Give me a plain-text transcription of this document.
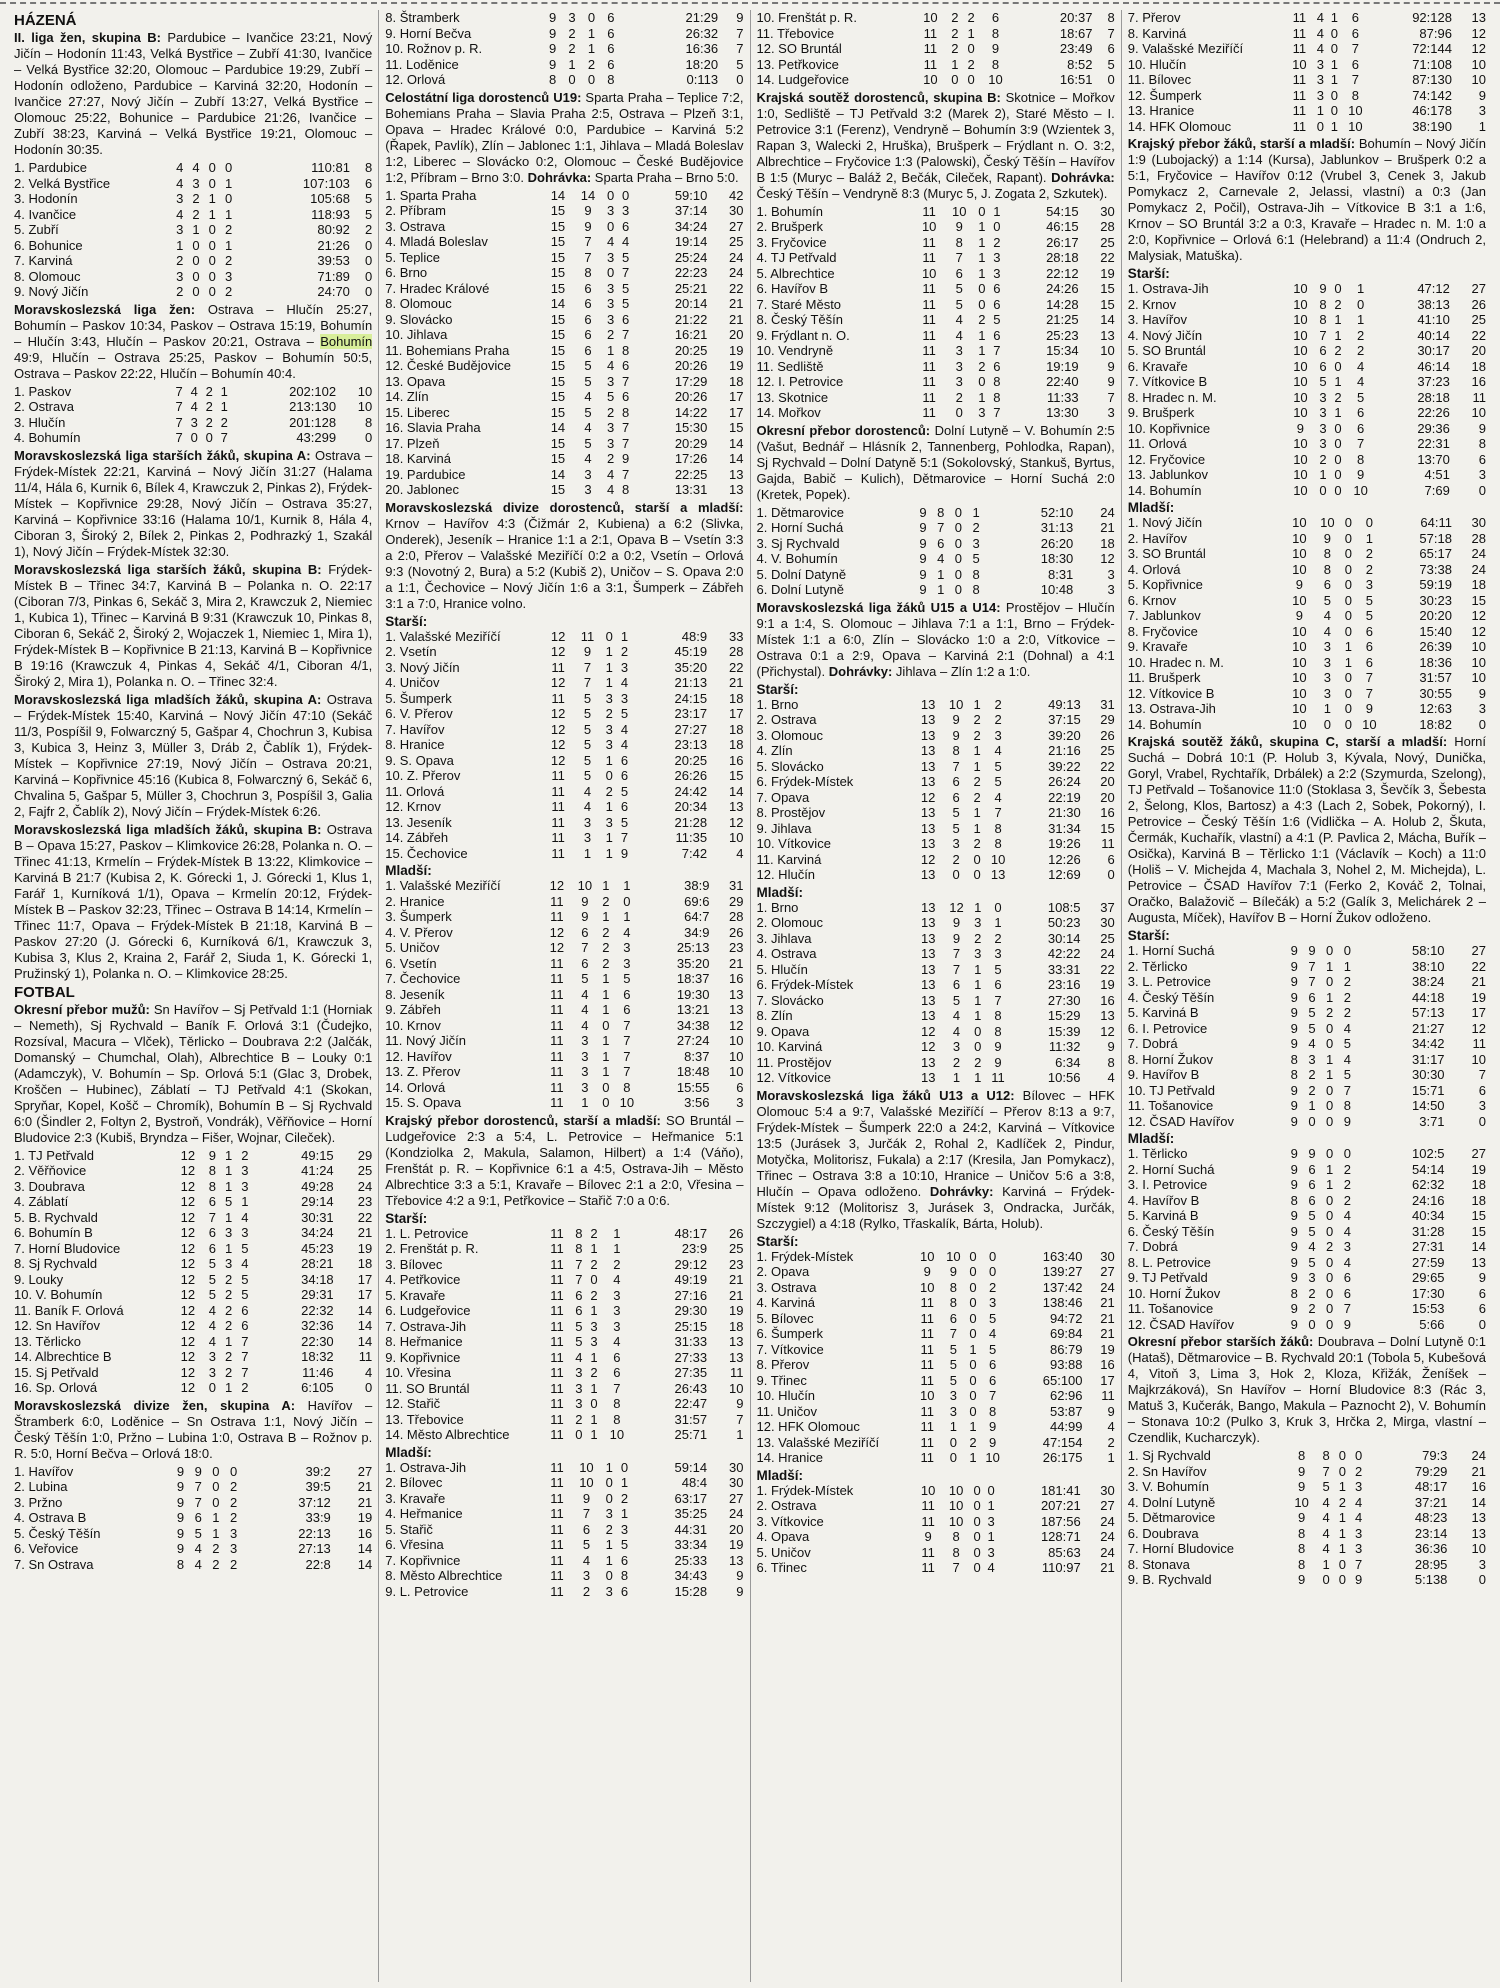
HÁZENÁ
II. liga žen, skupina B: Pardubice – Ivančice 23:21, Nový Jičín – Hodonín 11:43, Velká Bystřice – Zubří 41:30, Ivančice – Velká Bystřice 32:20, Olomouc – Pardubice 19:29, Zubří – Hodonín odloženo, Pardubice – Karviná 32:20, Hodonín – Ivančice 27:27, Nový Jičín – Zubří 13:27, Velká Bystřice – Olomouc 25:22, Bohunice – Pardubice 21:26, Ivančice – Zubří 38:23, Karviná – Velká Bystřice 19:21, Olomouc – Hodonín 30:35.
1. Pardubice	4	4	0	0	110:81	8
2. Velká Bystřice	4	3	0	1	107:103	6
3. Hodonín	3	2	1	0	105:68	5
4. Ivančice	4	2	1	1	118:93	5
5. Zubří	3	1	0	2	80:92	2
6. Bohunice	1	0	0	1	21:26	0
7. Karviná	2	0	0	2	39:53	0
8. Olomouc	3	0	0	3	71:89	0
9. Nový Jičín	2	0	0	2	24:70	0
Moravskoslezská liga žen: Ostrava – Hlučín 25:27, Bohumín – Paskov 10:34, Paskov – Ostrava 15:19, Bohumín – Hlučín 3:43, Hlučín – Paskov 20:21, Ostrava – Bohumín 49:9, Hlučín – Ostrava 25:25, Paskov – Bohumín 50:5, Ostrava – Paskov 22:22, Hlučín – Bohumín 40:4.
1. Paskov	7	4	2	1	202:102	10
2. Ostrava	7	4	2	1	213:130	10
3. Hlučín	7	3	2	2	201:128	8
4. Bohumín	7	0	0	7	43:299	0
Moravskoslezská liga starších žáků, skupina A: Ostrava – Frýdek-Místek 22:21, Karviná – Nový Jičín 31:27 (Halama 11/4, Hála 6, Kurnik 6, Bílek 4, Krawczuk 2, Pinkas 2), Frýdek-Místek – Kopřivnice 29:28, Nový Jičín – Ostrava 35:27, Karviná – Kopřivnice 33:16 (Halama 10/1, Kurnik 8, Hála 4, Ciboran 3, Široký 2, Bílek 2, Pinkas 2, Podhrazký 1, Szakál 1), Nový Jičín – Frýdek-Místek 32:30.
Moravskoslezská liga starších žáků, skupina B: Frýdek-Místek B – Třinec 34:7, Karviná B – Polanka n. O. 22:17 (Ciboran 7/3, Pinkas 6, Sekáč 3, Mira 2, Krawczuk 2, Niemiec 1, Kubica 1), Třinec – Karviná B 9:31 (Krawczuk 10, Pinkas 8, Ciboran 6, Sekáč 2, Široký 2, Wojaczek 1, Niemiec 1, Mira 1), Frýdek-Místek B – Kopřivnice B 21:13, Karviná B – Kopřivnice B 19:16 (Krawczuk 4, Pinkas 4, Sekáč 4/1, Ciboran 4/1, Široký 2, Mira 1), Polanka n. O. – Třinec 32:4.
Moravskoslezská liga mladších žáků, skupina A: Ostrava – Frýdek-Místek 15:40, Karviná – Nový Jičín 47:10 (Sekáč 11/3, Pospíšil 9, Folwarczný 5, Gašpar 4, Chochrun 3, Kubisa 3, Kubica 3, Heinz 3, Müller 3, Dráb 2, Čablík 1), Frýdek-Místek – Kopřivnice 27:19, Nový Jičín – Ostrava 20:21, Karviná – Kopřivnice 45:16 (Kubica 8, Folwarczný 6, Sekáč 6, Chvalina 5, Gašpar 5, Müller 3, Chochrun 3, Pospíšil 3, Galia 2, Fajfr 2, Čablík 2), Nový Jičín – Frýdek-Místek 6:26.
Moravskoslezská liga mladších žáků, skupina B: Ostrava B – Opava 15:27, Paskov – Klimkovice 26:28, Polanka n. O. – Třinec 41:13, Krmelín – Frýdek-Místek B 13:22, Klimkovice – Karviná B 21:7 (Kubisa 2, K. Górecki 1, J. Górecki 1, Klus 1, Farář 1, Kurníková 1/1), Opava – Krmelín 20:12, Frýdek-Místek B – Paskov 32:23, Třinec – Ostrava B 14:14, Krmelín – Třinec 11:7, Opava – Frýdek-Místek B 21:18, Karviná B – Paskov 27:20 (J. Górecki 6, Kurníková 6/1, Krawczuk 3, Kubisa 3, Klus 2, Kraina 2, Farář 2, Siuda 1, K. Górecki 1, Pružinský 1), Polanka n. O. – Klimkovice 28:25.
FOTBAL
Okresní přebor mužů: Sn Havířov – Sj Petřvald 1:1 (Horniak – Nemeth), Sj Rychvald – Baník F. Orlová 3:1 (Čudejko, Rozsíval, Macura – Vlček), Těrlicko – Doubrava 2:2 (Jalčák, Domanský – Chumchal, Olah), Albrechtice B – Louky 0:1 (Adamczyk), V. Bohumín – Sp. Orlová 5:1 (Glac 3, Drobek, Kroščen – Hubinec), Záblatí – TJ Petřvald 4:1 (Skokan, Spryňar, Kopel, Košč – Chromík), Bohumín B – Sj Rychvald 6:0 (Šindler 2, Foltyn 2, Bystroň, Vondrák), Věřňovice – Horní Bludovice 2:3 (Kubiš, Bryndza – Fišer, Wojnar, Cileček).
1. TJ Petřvald	12	9	1	2	49:15	29
2. Věřňovice	12	8	1	3	41:24	25
3. Doubrava	12	8	1	3	49:28	24
4. Záblatí	12	6	5	1	29:14	23
5. B. Rychvald	12	7	1	4	30:31	22
6. Bohumín B	12	6	3	3	34:24	21
7. Horní Bludovice	12	6	1	5	45:23	19
8. Sj Rychvald	12	5	3	4	28:21	18
9. Louky	12	5	2	5	34:18	17
10. V. Bohumín	12	5	2	5	29:31	17
11. Baník F. Orlová	12	4	2	6	22:32	14
12. Sn Havířov	12	4	2	6	32:36	14
13. Těrlicko	12	4	1	7	22:30	14
14. Albrechtice B	12	3	2	7	18:32	11
15. Sj Petřvald	12	3	2	7	11:46	4
16. Sp. Orlová	12	0	1	2	6:105	0
Moravskoslezská divize žen, skupina A: Havířov – Štramberk 6:0, Loděnice – Sn Ostrava 1:1, Nový Jičín – Český Těšín 1:0, Pržno – Lubina 1:0, Ostrava B – Rožnov p. R. 5:0, Horní Bečva – Orlová 18:0.
1. Havířov	9	9	0	0	39:2	27
2. Lubina	9	7	0	2	39:5	21
3. Pržno	9	7	0	2	37:12	21
4. Ostrava B	9	6	1	2	33:9	19
5. Český Těšín	9	5	1	3	22:13	16
6. Veřovice	9	4	2	3	27:13	14
7. Sn Ostrava	8	4	2	2	22:8	14
8. Štramberk	9	3	0	6	21:29	9
9. Horní Bečva	9	2	1	6	26:32	7
10. Rožnov p. R.	9	2	1	6	16:36	7
11. Loděnice	9	1	2	6	18:20	5
12. Orlová	8	0	0	8	0:113	0
Celostátní liga dorostenců U19: Sparta Praha – Teplice 7:2, Bohemians Praha – Slavia Praha 2:5, Ostrava – Plzeň 3:1, Opava – Hradec Králové 0:0, Pardubice – Karviná 5:2 (Řapek, Pavlík), Zlín – Jablonec 1:1, Jihlava – Mladá Boleslav 1:2, Liberec – Slovácko 0:2, Olomouc – České Budějovice 1:2, Příbram – Brno 3:0. Dohrávka: Sparta Praha – Brno 5:0.
1. Sparta Praha	14	14	0	0	59:10	42
2. Příbram	15	9	3	3	37:14	30
3. Ostrava	15	9	0	6	34:24	27
4. Mladá Boleslav	15	7	4	4	19:14	25
5. Teplice	15	7	3	5	25:24	24
6. Brno	15	8	0	7	22:23	24
7. Hradec Králové	15	6	3	5	25:21	22
8. Olomouc	14	6	3	5	20:14	21
9. Slovácko	15	6	3	6	21:22	21
10. Jihlava	15	6	2	7	16:21	20
11. Bohemians Praha	15	6	1	8	20:25	19
12. České Budějovice	15	5	4	6	20:26	19
13. Opava	15	5	3	7	17:29	18
14. Zlín	15	4	5	6	20:26	17
15. Liberec	15	5	2	8	14:22	17
16. Slavia Praha	14	4	3	7	15:30	15
17. Plzeň	15	5	3	7	20:29	14
18. Karviná	15	4	2	9	17:26	14
19. Pardubice	14	3	4	7	22:25	13
20. Jablonec	15	3	4	8	13:31	13
Moravskoslezská divize dorostenců, starší a mladší: Krnov – Havířov 4:3 (Čižmár 2, Kubiena) a 6:2 (Slivka, Onderek), Jeseník – Hranice 1:1 a 2:1, Opava B – Vsetín 3:3 a 2:0, Přerov – Valašské Meziříčí 0:2 a 0:2, Vsetín – Orlová 9:3 (Novotný 2, Bura) a 5:2 (Kubiš 2), Uničov – S. Opava 2:0 a 1:1, Čechovice – Nový Jičín 1:6 a 3:1, Šumperk – Zábřeh 3:1 a 7:0, Hranice volno.
Starší:
1. Valašské Meziříčí	12	11	0	1	48:9	33
2. Vsetín	12	9	1	2	45:19	28
3. Nový Jičín	11	7	1	3	35:20	22
4. Uničov	12	7	1	4	21:13	21
5. Šumperk	11	5	3	3	24:15	18
6. V. Přerov	12	5	2	5	23:17	17
7. Havířov	12	5	3	4	27:27	18
8. Hranice	12	5	3	4	23:13	18
9. S. Opava	12	5	1	6	20:25	16
10. Z. Přerov	11	5	0	6	26:26	15
11. Orlová	11	4	2	5	24:42	14
12. Krnov	11	4	1	6	20:34	13
13. Jeseník	11	3	3	5	21:28	12
14. Zábřeh	11	3	1	7	11:35	10
15. Čechovice	11	1	1	9	7:42	4
Mladší:
1. Valašské Meziříčí	12	10	1	1	38:9	31
2. Hranice	11	9	2	0	69:6	29
3. Šumperk	11	9	1	1	64:7	28
4. V. Přerov	12	6	2	4	34:9	26
5. Uničov	12	7	2	3	25:13	23
6. Vsetín	11	6	2	3	35:20	21
7. Čechovice	11	5	1	5	18:37	16
8. Jeseník	11	4	1	6	19:30	13
9. Zábřeh	11	4	1	6	13:21	13
10. Krnov	11	4	0	7	34:38	12
11. Nový Jičín	11	3	1	7	27:24	10
12. Havířov	11	3	1	7	8:37	10
13. Z. Přerov	11	3	1	7	18:48	10
14. Orlová	11	3	0	8	15:55	6
15. S. Opava	11	1	0	10	3:56	3
Krajský přebor dorostenců, starší a mladší: SO Bruntál – Ludgeřovice 2:3 a 5:4, L. Petrovice – Heřmanice 5:1 (Kondziolka 2, Makula, Salamon, Hilbert) a 1:4 (Váňo), Frenštát p. R. – Kopřivnice 6:1 a 4:5, Ostrava-Jih – Město Albrechtice 3:3 a 5:1, Kravaře – Bílovec 2:1 a 2:0, Vřesina – Třebovice 4:2 a 9:1, Petřkovice – Stařič 7:0 a 0:6.
Starší:
1. L. Petrovice	11	8	2	1	48:17	26
2. Frenštát p. R.	11	8	1	1	23:9	25
3. Bílovec	11	7	2	2	29:12	23
4. Petřkovice	11	7	0	4	49:19	21
5. Kravaře	11	6	2	3	27:16	21
6. Ludgeřovice	11	6	1	3	29:30	19
7. Ostrava-Jih	11	5	3	3	25:15	18
8. Heřmanice	11	5	3	4	31:33	13
9. Kopřivnice	11	4	1	6	27:33	13
10. Vřesina	11	3	2	6	27:35	11
11. SO Bruntál	11	3	1	7	26:43	10
12. Stařič	11	3	0	8	22:47	9
13. Třebovice	11	2	1	8	31:57	7
14. Město Albrechtice	11	0	1	10	25:71	1
Mladší:
1. Ostrava-Jih	11	10	1	0	59:14	30
2. Bílovec	11	10	0	1	48:4	30
3. Kravaře	11	9	0	2	63:17	27
4. Heřmanice	11	7	3	1	35:25	24
5. Stařič	11	6	2	3	44:31	20
6. Vřesina	11	5	1	5	33:34	19
7. Kopřivnice	11	4	1	6	25:33	13
8. Město Albrechtice	11	3	0	8	34:43	9
9. L. Petrovice	11	2	3	6	15:28	9
10. Frenštát p. R.	10	2	2	6	20:37	8
11. Třebovice	11	2	1	8	18:67	7
12. SO Bruntál	11	2	0	9	23:49	6
13. Petřkovice	11	1	2	8	8:52	5
14. Ludgeřovice	10	0	0	10	16:51	0
Krajská soutěž dorostenců, skupina B: Skotnice – Mořkov 1:0, Sedliště – TJ Petřvald 3:2 (Marek 2), Staré Město – I. Petrovice 3:1 (Ferenz), Vendryně – Bohumín 3:9 (Wzientek 3, Rapan 3, Walecki 2, Hruška), Brušperk – Frýdlant n. O. 3:2, Albrechtice – Fryčovice 1:3 (Palowski), Český Těšín – Havířov B 1:5 (Muryc – Baláž 2, Bečák, Cileček, Rapant). Dohrávka: Český Těšín – Vendryně 8:3 (Muryc 5, J. Zogata 2, Szkutek).
1. Bohumín	11	10	0	1	54:15	30
2. Brušperk	10	9	1	0	46:15	28
3. Fryčovice	11	8	1	2	26:17	25
4. TJ Petřvald	11	7	1	3	28:18	22
5. Albrechtice	10	6	1	3	22:12	19
6. Havířov B	11	5	0	6	24:26	15
7. Staré Město	11	5	0	6	14:28	15
8. Český Těšín	11	4	2	5	21:25	14
9. Frýdlant n. O.	11	4	1	6	25:23	13
10. Vendryně	11	3	1	7	15:34	10
11. Sedliště	11	3	2	6	19:19	9
12. I. Petrovice	11	3	0	8	22:40	9
13. Skotnice	11	2	1	8	11:33	7
14. Mořkov	11	0	3	7	13:30	3
Okresní přebor dorostenců: Dolní Lutyně – V. Bohumín 2:5 (Vašut, Bednář – Hlásník 2, Tannenberg, Pohlodka, Rapan), Sj Rychvald – Dolní Datyně 5:1 (Sokolovský, Stankuš, Byrtus, Gajda, Babič – Kulich), Dětmarovice – Horní Suchá 2:0 (Kretek, Popek).
1. Dětmarovice	9	8	0	1	52:10	24
2. Horní Suchá	9	7	0	2	31:13	21
3. Sj Rychvald	9	6	0	3	26:20	18
4. V. Bohumín	9	4	0	5	18:30	12
5. Dolní Datyně	9	1	0	8	8:31	3
6. Dolní Lutyně	9	1	0	8	10:48	3
Moravskoslezská liga žáků U15 a U14: Prostějov – Hlučín 9:1 a 1:4, S. Olomouc – Jihlava 7:1 a 1:1, Brno – Frýdek-Místek 1:1 a 6:0, Zlín – Slovácko 1:0 a 2:0, Vítkovice – Ostrava 0:1 a 2:9, Opava – Karviná 2:1 (Dohnal) a 4:1 (Přichystal). Dohrávky: Jihlava – Zlín 1:2 a 1:0.
Starší:
1. Brno	13	10	1	2	49:13	31
2. Ostrava	13	9	2	2	37:15	29
3. Olomouc	13	9	2	3	39:20	26
4. Zlín	13	8	1	4	21:16	25
5. Slovácko	13	7	1	5	39:22	22
6. Frýdek-Místek	13	6	2	5	26:24	20
7. Opava	12	6	2	4	22:19	20
8. Prostějov	13	5	1	7	21:30	16
9. Jihlava	13	5	1	8	31:34	15
10. Vítkovice	13	3	2	8	19:26	11
11. Karviná	12	2	0	10	12:26	6
12. Hlučín	13	0	0	13	12:69	0
Mladší:
1. Brno	13	12	1	0	108:5	37
2. Olomouc	13	9	3	1	50:23	30
3. Jihlava	13	9	2	2	30:14	25
4. Ostrava	13	7	3	3	42:22	24
5. Hlučín	13	7	1	5	33:31	22
6. Frýdek-Místek	13	6	1	6	23:16	19
7. Slovácko	13	5	1	7	27:30	16
8. Zlín	13	4	1	8	15:29	13
9. Opava	12	4	0	8	15:39	12
10. Karviná	12	3	0	9	11:32	9
11. Prostějov	13	2	2	9	6:34	8
12. Vítkovice	13	1	1	11	10:56	4
Moravskoslezská liga žáků U13 a U12: Bílovec – HFK Olomouc 5:4 a 9:7, Valašské Meziříčí – Přerov 8:13 a 9:7, Frýdek-Místek – Šumperk 22:0 a 24:2, Karviná – Vítkovice 13:5 (Jurásek 3, Jurčák 2, Rohal 2, Kadlíček 2, Pindur, Motyčka, Molitorisz, Fukala) a 2:17 (Kresila, Jan Pomykacz), Třinec – Ostrava 3:8 a 10:10, Hranice – Uničov 5:6 a 3:8, Hlučín – Opava odloženo. Dohrávky: Karviná – Frýdek-Místek 9:12 (Molitorisz 3, Jurásek 3, Ondracka, Jurčák, Szczygiel) a 4:18 (Rylko, Třaskalík, Bárta, Holub).
Starší:
1. Frýdek-Místek	10	10	0	0	163:40	30
2. Opava	9	9	0	0	139:27	27
3. Ostrava	10	8	0	2	137:42	24
4. Karviná	11	8	0	3	138:46	21
5. Bílovec	11	6	0	5	94:72	21
6. Šumperk	11	7	0	4	69:84	21
7. Vítkovice	11	5	1	5	86:79	19
8. Přerov	11	5	0	6	93:88	16
9. Třinec	11	5	0	6	65:100	17
10. Hlučín	10	3	0	7	62:96	11
11. Uničov	11	3	0	8	53:87	9
12. HFK Olomouc	11	1	1	9	44:99	4
13. Valašské Meziříčí	11	0	2	9	47:154	2
14. Hranice	11	0	1	10	26:175	1
Mladší:
1. Frýdek-Místek	10	10	0	0	181:41	30
2. Ostrava	11	10	0	1	207:21	27
3. Vítkovice	11	10	0	3	187:56	24
4. Opava	9	8	0	1	128:71	24
5. Uničov	11	8	0	3	85:63	24
6. Třinec	11	7	0	4	110:97	21
7. Přerov	11	4	1	6	92:128	13
8. Karviná	11	4	0	6	87:96	12
9. Valašské Meziříčí	11	4	0	7	72:144	12
10. Hlučín	10	3	1	6	71:108	10
11. Bílovec	11	3	1	7	87:130	10
12. Šumperk	11	3	0	8	74:142	9
13. Hranice	11	1	0	10	46:178	3
14. HFK Olomouc	11	0	1	10	38:190	1
Krajský přebor žáků, starší a mladší: Bohumín – Nový Jičín 1:9 (Lubojacký) a 1:14 (Kursa), Jablunkov – Brušperk 0:2 a 5:1, Fryčovice – Havířov 0:12 (Vrubel 3, Cenek 3, Jakub Pomykacz 2, Carnevale 2, Jelassi, vlastní) a 0:3 (Jan Pomykacz 2, Počil), Ostrava-Jih – Vítkovice B 3:1 a 1:6, Krnov – SO Bruntál 3:2 a 0:3, Kravaře – Hradec n. M. 1:0 a 2:0, Kopřivnice – Orlová 6:1 (Helebrand) a 11:4 (Ondruch 2, Malysiak, Matuška).
Starší:
1. Ostrava-Jih	10	9	0	1	47:12	27
2. Krnov	10	8	2	0	38:13	26
3. Havířov	10	8	1	1	41:10	25
4. Nový Jičín	10	7	1	2	40:14	22
5. SO Bruntál	10	6	2	2	30:17	20
6. Kravaře	10	6	0	4	46:14	18
7. Vítkovice B	10	5	1	4	37:23	16
8. Hradec n. M.	10	3	2	5	28:18	11
9. Brušperk	10	3	1	6	22:26	10
10. Kopřivnice	9	3	0	6	29:36	9
11. Orlová	10	3	0	7	22:31	8
12. Fryčovice	10	2	0	8	13:70	6
13. Jablunkov	10	1	0	9	4:51	3
14. Bohumín	10	0	0	10	7:69	0
Mladší:
1. Nový Jičín	10	10	0	0	64:11	30
2. Havířov	10	9	0	1	57:18	28
3. SO Bruntál	10	8	0	2	65:17	24
4. Orlová	10	8	0	2	73:38	24
5. Kopřivnice	9	6	0	3	59:19	18
6. Krnov	10	5	0	5	30:23	15
7. Jablunkov	9	4	0	5	20:20	12
8. Fryčovice	10	4	0	6	15:40	12
9. Kravaře	10	3	1	6	26:39	10
10. Hradec n. M.	10	3	1	6	18:36	10
11. Brušperk	10	3	0	7	31:57	10
12. Vítkovice B	10	3	0	7	30:55	9
13. Ostrava-Jih	10	1	0	9	12:63	3
14. Bohumín	10	0	0	10	18:82	0
Krajská soutěž žáků, skupina C, starší a mladší: Horní Suchá – Dobrá 10:1 (P. Holub 3, Kývala, Nový, Dunička, Goryl, Vrabel, Rychtařík, Drbálek) a 2:2 (Szymurda, Szelong), TJ Petřvald – Tošanovice 11:0 (Stoklasa 3, Ševčík 3, Šebesta 2, Šelong, Klos, Bartosz) a 4:3 (Lach 2, Sobek, Pokorný), I. Petrovice – Český Těšín 1:6 (Vidlička – A. Holub 2, Škuta, Čermák, Kuchařík, vlastní) a 4:1 (P. Pavlica 2, Mácha, Buřík – Osička), Karviná B – Těrlicko 1:1 (Václavík – Koch) a 11:0 (Holiš – V. Michejda 4, Machala 3, Nohel 2, M. Michejda), L. Petrovice – ČSAD Havířov 7:1 (Ferko 2, Kováč 2, Tolnai, Oračko, Balažovič – Bílečák) a 5:2 (Galík 3, Melichárek 2 – Augusta, Míček), Havířov B – Horní Žukov odloženo.
Starší:
1. Horní Suchá	9	9	0	0	58:10	27
2. Těrlicko	9	7	1	1	38:10	22
3. L. Petrovice	9	7	0	2	38:24	21
4. Český Těšín	9	6	1	2	44:18	19
5. Karviná B	9	5	2	2	57:13	17
6. I. Petrovice	9	5	0	4	21:27	12
7. Dobrá	9	4	0	5	34:42	11
8. Horní Žukov	8	3	1	4	31:17	10
9. Havířov B	8	2	1	5	30:30	7
10. TJ Petřvald	9	2	0	7	15:71	6
11. Tošanovice	9	1	0	8	14:50	3
12. ČSAD Havířov	9	0	0	9	3:71	0
Mladší:
1. Těrlicko	9	9	0	0	102:5	27
2. Horní Suchá	9	6	1	2	54:14	19
3. I. Petrovice	9	6	1	2	62:32	18
4. Havířov B	8	6	0	2	24:16	18
5. Karviná B	9	5	0	4	40:34	15
6. Český Těšín	9	5	0	4	31:28	15
7. Dobrá	9	4	2	3	27:31	14
8. L. Petrovice	9	5	0	4	27:59	13
9. TJ Petřvald	9	3	0	6	29:65	9
10. Horní Žukov	8	2	0	6	17:30	6
11. Tošanovice	9	2	0	7	15:53	6
12. ČSAD Havířov	9	0	0	9	5:66	0
Okresní přebor starších žáků: Doubrava – Dolní Lutyně 0:1 (Hataš), Dětmarovice – B. Rychvald 20:1 (Tobola 5, Kubešová 4, Vitoň 3, Lima 3, Hok 2, Kloza, Křižák, Ženíšek – Majkrzáková), Sn Havířov – Horní Bludovice 8:3 (Rác 3, Matuš 3, Kučerák, Bango, Makula – Paznocht 2), V. Bohumín – Stonava 10:2 (Pulko 3, Kruk 3, Hrčka 2, Mirga, vlastní – Czendlik, Kucharczyk).
1. Sj Rychvald	8	8	0	0	79:3	24
2. Sn Havířov	9	7	0	2	79:29	21
3. V. Bohumín	9	5	1	3	48:17	16
4. Dolní Lutyně	10	4	2	4	37:21	14
5. Dětmarovice	9	4	1	4	48:23	13
6. Doubrava	8	4	1	3	23:14	13
7. Horní Bludovice	8	4	1	3	36:36	10
8. Stonava	8	1	0	7	28:95	3
9. B. Rychvald	9	0	0	9	5:138	0
